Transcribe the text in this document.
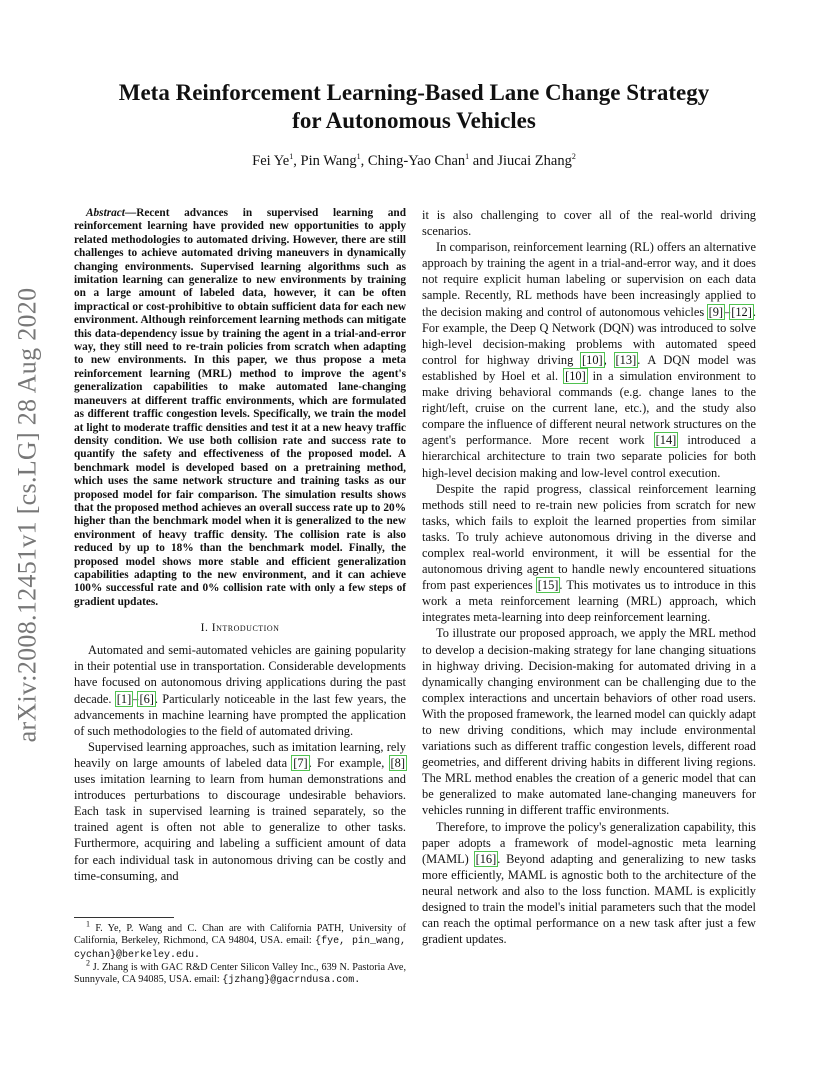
arXiv:2008.12451v1 [cs.LG] 28 Aug 2020
Meta Reinforcement Learning-Based Lane Change Strategy
for Autonomous Vehicles
Fei Ye$^1$, Pin Wang$^1$, Ching-Yao Chan$^1$ and Jiucai Zhang$^2$

Abstract—Recent advances in supervised learning and reinforcement learning have provided new opportunities to apply related methodologies to automated driving. However, there are still challenges to achieve automated driving maneuvers in dynamically changing environments. Supervised learning algorithms such as imitation learning can generalize to new environments by training on a large amount of labeled data, however, it can be often impractical or cost-prohibitive to obtain sufficient data for each new environment. Although reinforcement learning methods can mitigate this data-dependency issue by training the agent in a trial-and-error way, they still need to re-train policies from scratch when adapting to new environments. In this paper, we thus propose a meta reinforcement learning (MRL) method to improve the agent's generalization capabilities to make automated lane-changing maneuvers at different traffic environments, which are formulated as different traffic congestion levels. Specifically, we train the model at light to moderate traffic densities and test it at a new heavy traffic density condition. We use both collision rate and success rate to quantify the safety and effectiveness of the proposed model. A benchmark model is developed based on a pretraining method, which uses the same network structure and training tasks as our proposed model for fair comparison. The simulation results shows that the proposed method achieves an overall success rate up to 20% higher than the benchmark model when it is generalized to the new environment of heavy traffic density. The collision rate is also reduced by up to 18% than the benchmark model. Finally, the proposed model shows more stable and efficient generalization capabilities adapting to the new environment, and it can achieve 100% successful rate and 0% collision rate with only a few steps of gradient updates.

I. Introduction

Automated and semi-automated vehicles are gaining popularity in their potential use in transportation. Considerable developments have focused on autonomous driving applications during the past decade. [1]–[6]. Particularly noticeable in the last few years, the advancements in machine learning have prompted the application of such methodologies to the field of automated driving.

Supervised learning approaches, such as imitation learning, rely heavily on large amounts of labeled data [7]. For example, [8] uses imitation learning to learn from human demonstrations and introduces perturbations to discourage undesirable behaviors. Each task in supervised learning is trained separately, so the trained agent is often not able to generalize to other tasks. Furthermore, acquiring and labeling a sufficient amount of data for each individual task in autonomous driving can be costly and time-consuming, and

$^1$ F. Ye, P. Wang and C. Chan are with California PATH, University of California, Berkeley, Richmond, CA 94804, USA. email: {fye, pin_wang, cychan}@berkeley.edu.

$^2$ J. Zhang is with GAC R&D Center Silicon Valley Inc., 639 N. Pastoria Ave, Sunnyvale, CA 94085, USA. email: {jzhang}@gacrndusa.com.

it is also challenging to cover all of the real-world driving scenarios.

In comparison, reinforcement learning (RL) offers an alternative approach by training the agent in a trial-and-error way, and it does not require explicit human labeling or supervision on each data sample. Recently, RL methods have been increasingly applied to the decision making and control of autonomous vehicles [9]–[12]. For example, the Deep Q Network (DQN) was introduced to solve high-level decision-making problems with automated speed control for highway driving [10], [13]. A DQN model was established by Hoel et al. [10] in a simulation environment to make driving behavioral commands (e.g. change lanes to the right/left, cruise on the current lane, etc.), and the study also compare the influence of different neural network structures on the agent's performance. More recent work [14] introduced a hierarchical architecture to train two separate policies for both high-level decision making and low-level control execution.

Despite the rapid progress, classical reinforcement learning methods still need to re-train new policies from scratch for new tasks, which fails to exploit the learned properties from similar tasks. To truly achieve autonomous driving in the diverse and complex real-world environment, it will be essential for the autonomous driving agent to handle newly encountered situations from past experiences [15]. This motivates us to introduce in this work a meta reinforcement learning (MRL) approach, which integrates meta-learning into deep reinforcement learning.

To illustrate our proposed approach, we apply the MRL method to develop a decision-making strategy for lane changing situations in highway driving. Decision-making for automated driving in a dynamically changing environment can be challenging due to the complex interactions and uncertain behaviors of other road users. With the proposed framework, the learned model can quickly adapt to new driving conditions, which may include environmental variations such as different traffic congestion levels, different road geometries, and different driving habits in different living regions. The MRL method enables the creation of a generic model that can be generalized to make automated lane-changing maneuvers for vehicles running in different traffic environments.

Therefore, to improve the policy's generalization capability, this paper adopts a framework of model-agnostic meta learning (MAML) [16]. Beyond adapting and generalizing to new tasks more efficiently, MAML is agnostic both to the architecture of the neural network and also to the loss function. MAML is explicitly designed to train the model's initial parameters such that the model can reach the optimal performance on a new task after just a few gradient updates.
